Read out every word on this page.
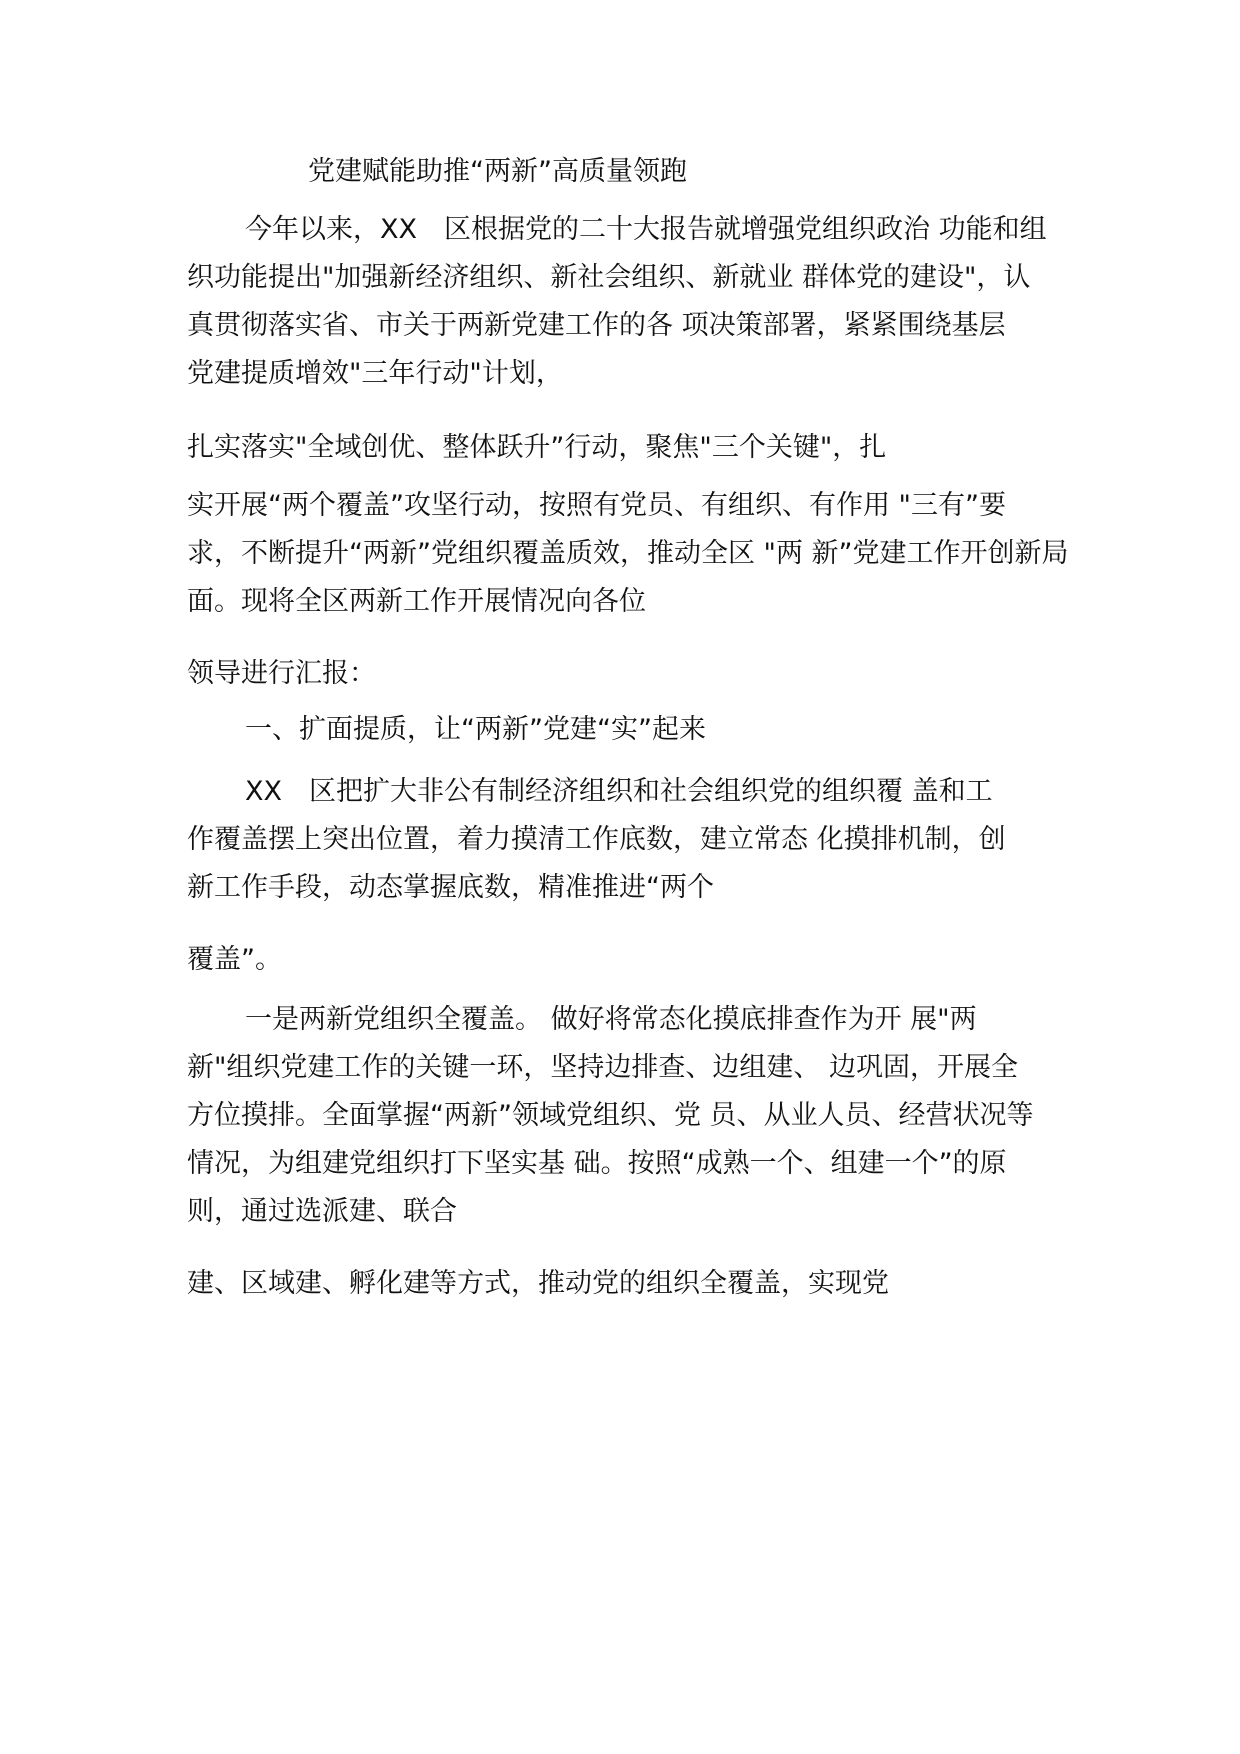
党建赋能助推“两新”高质量领跑
今年以来，XX　区根据党的二十大报告就增强党组织政治 功能和组
织功能提出"加强新经济组织、新社会组织、新就业 群体党的建设"，认
真贯彻落实省、市关于两新党建工作的各 项决策部署，紧紧围绕基层
党建提质增效"三年行动"计划，
扎实落实"全域创优、整体跃升”行动，聚焦"三个关键"，扎
实开展“两个覆盖”攻坚行动，按照有党员、有组织、有作用 "三有”要
求，不断提升“两新”党组织覆盖质效，推动全区 "两 新”党建工作开创新局
面。现将全区两新工作开展情况向各位
领导进行汇报：
一、扩面提质，让“两新”党建“实”起来
XX　区把扩大非公有制经济组织和社会组织党的组织覆 盖和工
作覆盖摆上突出位置，着力摸清工作底数，建立常态 化摸排机制，创
新工作手段，动态掌握底数，精准推进“两个
覆盖”。
一是两新党组织全覆盖。 做好将常态化摸底排查作为开 展"两
新"组织党建工作的关键一环，坚持边排查、边组建、 边巩固，开展全
方位摸排。全面掌握“两新”领域党组织、党 员、从业人员、经营状况等
情况，为组建党组织打下坚实基 础。按照“成熟一个、组建一个”的原
则，通过选派建、联合
建、区域建、孵化建等方式，推动党的组织全覆盖，实现党
